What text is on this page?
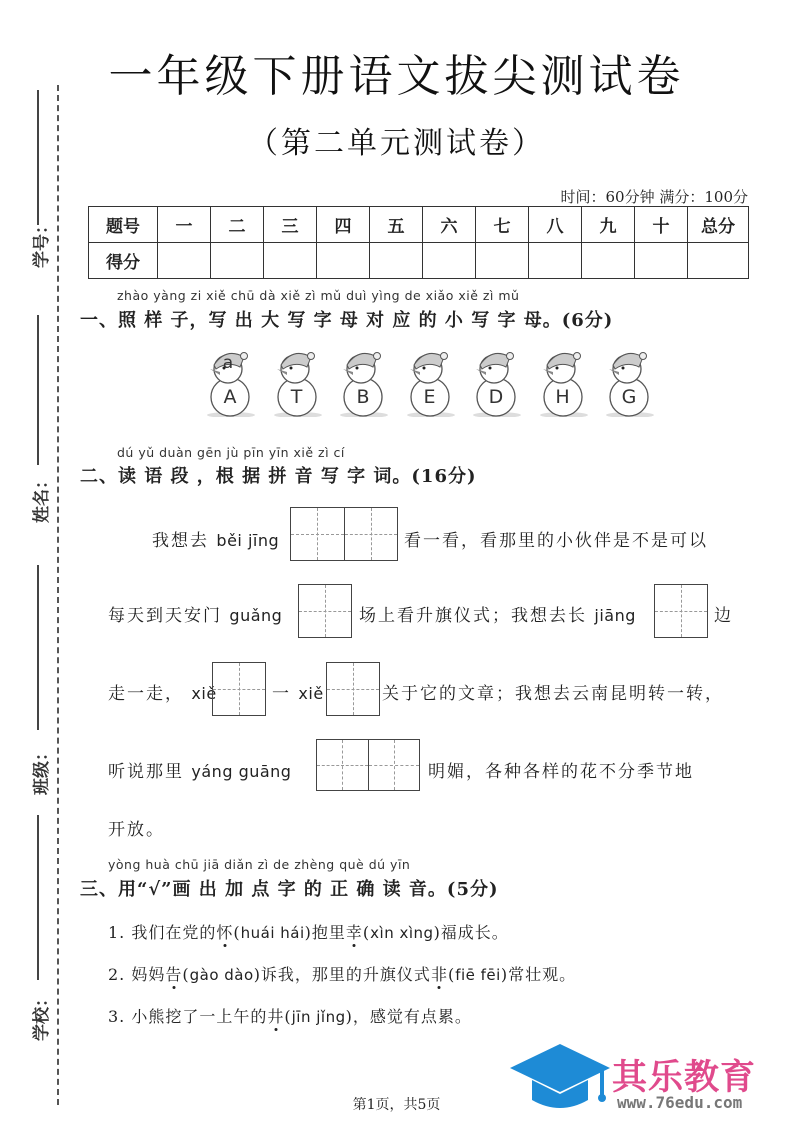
学号：
姓名：
班级：
学校：
一年级下册语文拔尖测试卷
（第二单元测试卷）
时间：60分钟 满分：100分
题号	一	二	三	四	五	六	七	八	九	十	总分
得分											
zhào yàng zi xiě chū dà xiě zì mǔ duì yìng de xiǎo xiě zì mǔ
一、照 样 子，写 出 大 写 字 母 对 应 的 小 写 字 母。(6分)
A
a
T	B	E	D	H	G
dú yǔ duàn gēn jù pīn yīn xiě zì cí
二、读 语 段 ，根 据 拼 音 写 字 词。(16分)
我想去 běi jīng	看一看，看那里的小伙伴是不是可以
每天到天安门 guǎng	场上看升旗仪式；我想去长 jiāng	边
走一走， xiě	一 xiě	关于它的文章；我想去云南昆明转一转，
听说那里 yáng guāng	明媚，各种各样的花不分季节地
开放。
yòng huà chū jiā diǎn zì de zhèng què dú yīn
三、用“√”画 出 加 点 字 的 正 确 读 音。(5分)
1. 我们在党的怀(huái hái)抱里幸(xìn xìng)福成长。
2. 妈妈告(gào dào)诉我，那里的升旗仪式非(fiē fēi)常壮观。
3. 小熊挖了一上午的井(jīn jǐng)，感觉有点累。
其乐教育
www.76edu.com
第1页，共5页
